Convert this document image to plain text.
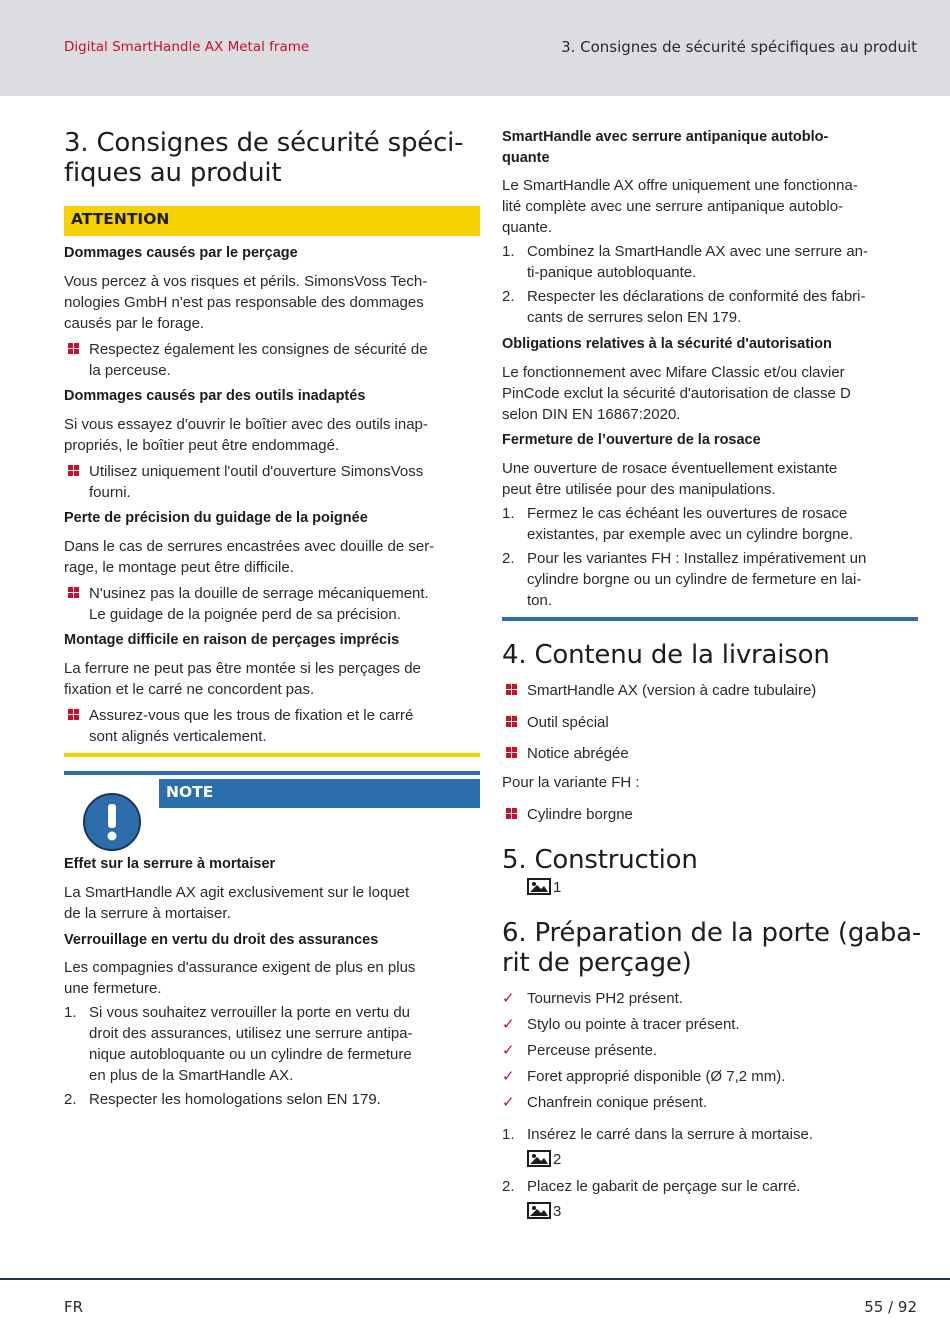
Digital SmartHandle AX Metal frame	3. Consignes de sécurité spécifiques au produit
3. Consignes de sécurité spéci-
fiques au produit
ATTENTION
Dommages causés par le perçage
Vous percez à vos risques et périls. SimonsVoss Tech-
nologies GmbH n'est pas responsable des dommages
causés par le forage.
Respectez également les consignes de sécurité de
la perceuse.
Dommages causés par des outils inadaptés
Si vous essayez d'ouvrir le boîtier avec des outils inap-
propriés, le boîtier peut être endommagé.
Utilisez uniquement l'outil d'ouverture SimonsVoss
fourni.
Perte de précision du guidage de la poignée
Dans le cas de serrures encastrées avec douille de ser-
rage, le montage peut être difficile.
N'usinez pas la douille de serrage mécaniquement.
Le guidage de la poignée perd de sa précision.
Montage difficile en raison de perçages imprécis
La ferrure ne peut pas être montée si les perçages de
fixation et le carré ne concordent pas.
Assurez-vous que les trous de fixation et le carré
sont alignés verticalement.
NOTE
Effet sur la serrure à mortaiser
La SmartHandle AX agit exclusivement sur le loquet
de la serrure à mortaiser.
Verrouillage en vertu du droit des assurances
Les compagnies d'assurance exigent de plus en plus
une fermeture.
1. Si vous souhaitez verrouiller la porte en vertu du
droit des assurances, utilisez une serrure antipa-
nique autobloquante ou un cylindre de fermeture
en plus de la SmartHandle AX.
2. Respecter les homologations selon EN 179.
SmartHandle avec serrure antipanique autoblo-
quante
Le SmartHandle AX offre uniquement une fonctionna-
lité complète avec une serrure antipanique autoblo-
quante.
1. Combinez la SmartHandle AX avec une serrure an-
ti-panique autobloquante.
2. Respecter les déclarations de conformité des fabri-
cants de serrures selon EN 179.
Obligations relatives à la sécurité d'autorisation
Le fonctionnement avec Mifare Classic et/ou clavier
PinCode exclut la sécurité d'autorisation de classe D
selon DIN EN 16867:2020.
Fermeture de l’ouverture de la rosace
Une ouverture de rosace éventuellement existante
peut être utilisée pour des manipulations.
1. Fermez le cas échéant les ouvertures de rosace
existantes, par exemple avec un cylindre borgne.
2. Pour les variantes FH : Installez impérativement un
cylindre borgne ou un cylindre de fermeture en lai-
ton.
4. Contenu de la livraison
SmartHandle AX (version à cadre tubulaire)
Outil spécial
Notice abrégée
Pour la variante FH :
Cylindre borgne
5. Construction
1
6. Préparation de la porte (gaba-
rit de perçage)
✓ Tournevis PH2 présent.
✓ Stylo ou pointe à tracer présent.
✓ Perceuse présente.
✓ Foret approprié disponible (Ø 7,2 mm).
✓ Chanfrein conique présent.
1. Insérez le carré dans la serrure à mortaise.
2
2. Placez le gabarit de perçage sur le carré.
3
FR	55 / 92
